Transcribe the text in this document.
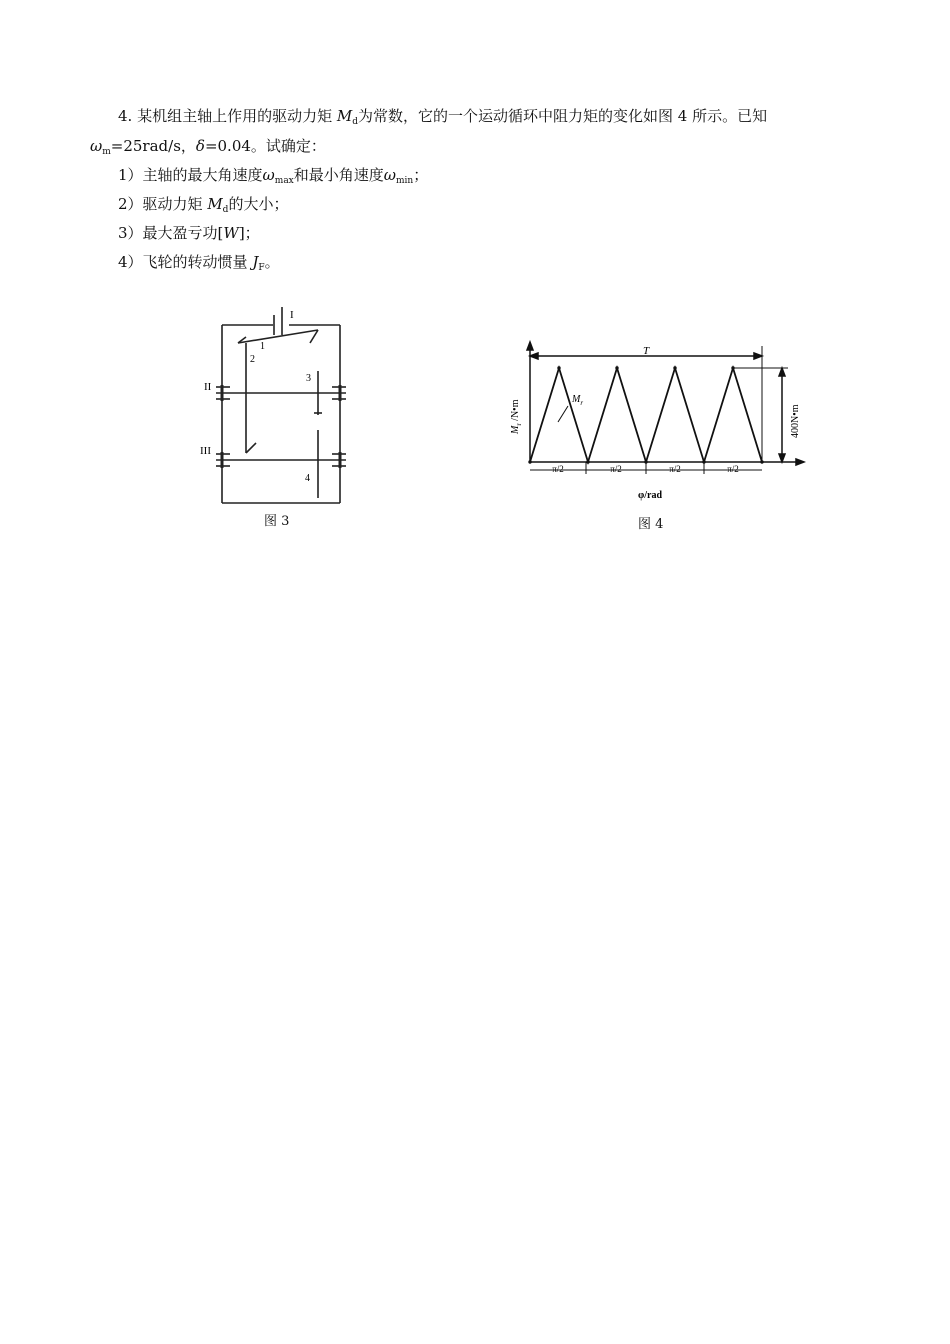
4. 某机组主轴上作用的驱动力矩 $M_d$为常数，它的一个运动循环中阻力矩的变化如图 4 所示。已知
$\omega_m=25rad/s$，δ=0.04。试确定：
1）主轴的最大角速度$\omega_{max}$和最小角速度$\omega_{min}$；
2）驱动力矩 $M_d$的大小；
3）最大盈亏功[W]；
4）飞轮的转动惯量 $J_F$。
I
II
III
1
2
3
4
图 3
T
$M_r$
$M_r$ /N•m	400N•m
π/2	π/2	π/2	π/2
φ/rad
图 4
